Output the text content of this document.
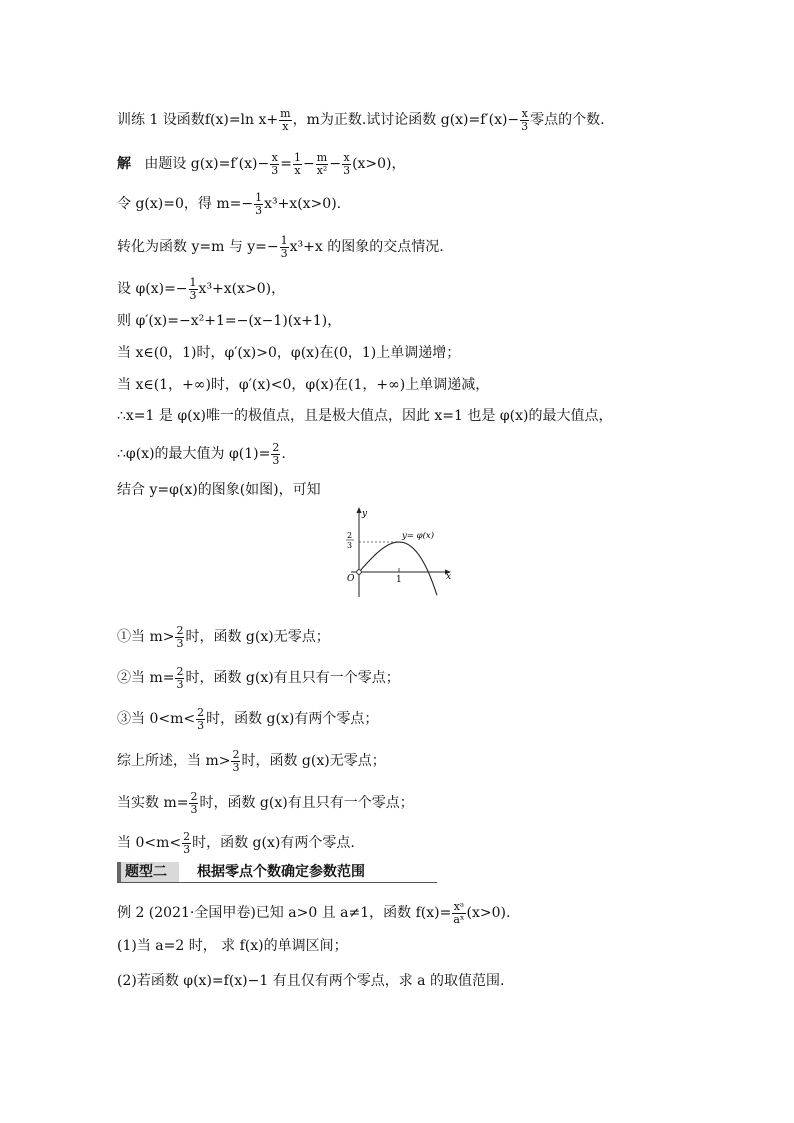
训练 1 设函数f(x)=ln $x+ \frac{m}{x}$ ，m为正数.试讨论函数 $g(x)=f'(x)- \frac{x}{3}$ 零点的个数.
解 由题设 $g(x)=f'(x)- \frac{x}{3} = \frac{1}{x} - \frac{m}{\text{x²}} - \frac{x}{3} (x>0)$，
令 g(x)=0，得 $m=- \frac{1}{3} x^3+x(x>0)$.
转化为函数 y=m 与 $y=- \frac{1}{3} x^3+x$ 的图象的交点情况.
设 $\varphi(x)=- \frac{1}{3} x^3+x(x>0)$，
则 φ′(x)=−x²+1=−(x−1)(x+1)，
当 x∈(0，1)时，φ′(x)>0，φ(x)在(0，1)上单调递增；
当 x∈(1，+∞)时，φ′(x)<0，φ(x)在(1，+∞)上单调递减，
∴x=1 是 φ(x)唯一的极值点，且是极大值点，因此 x=1 也是 φ(x)的最大值点，
∴φ(x)的最大值为 $\varphi(1)= \frac{2}{3}$ .
结合 y=φ(x)的图象(如图)，可知
y
x
O	1
2
3
y= φ(x)
①当 $m> \frac{2}{3}$ 时，函数 g(x)无零点；
②当 $m= \frac{2}{3}$ 时，函数 g(x)有且只有一个零点；
③当 $0<m< \frac{2}{3}$ 时，函数 g(x)有两个零点；
综上所述，当 $m> \frac{2}{3}$ 时，函数 g(x)无零点；
当实数 $m= \frac{2}{3}$ 时，函数 g(x)有且只有一个零点；
当 $0<m< \frac{2}{3}$ 时，函数 g(x)有两个零点.
题型二	根据零点个数确定参数范围
例 2 (2021·全国甲卷)已知 a>0 且 a≠1，函数 $f(x)= \frac{\text{xᵃ}}{\text{aˣ}} (x>0)$.
(1)当 a=2 时， 求 f(x)的单调区间；
(2)若函数 φ(x)=f(x)−1 有且仅有两个零点，求 a 的取值范围.
